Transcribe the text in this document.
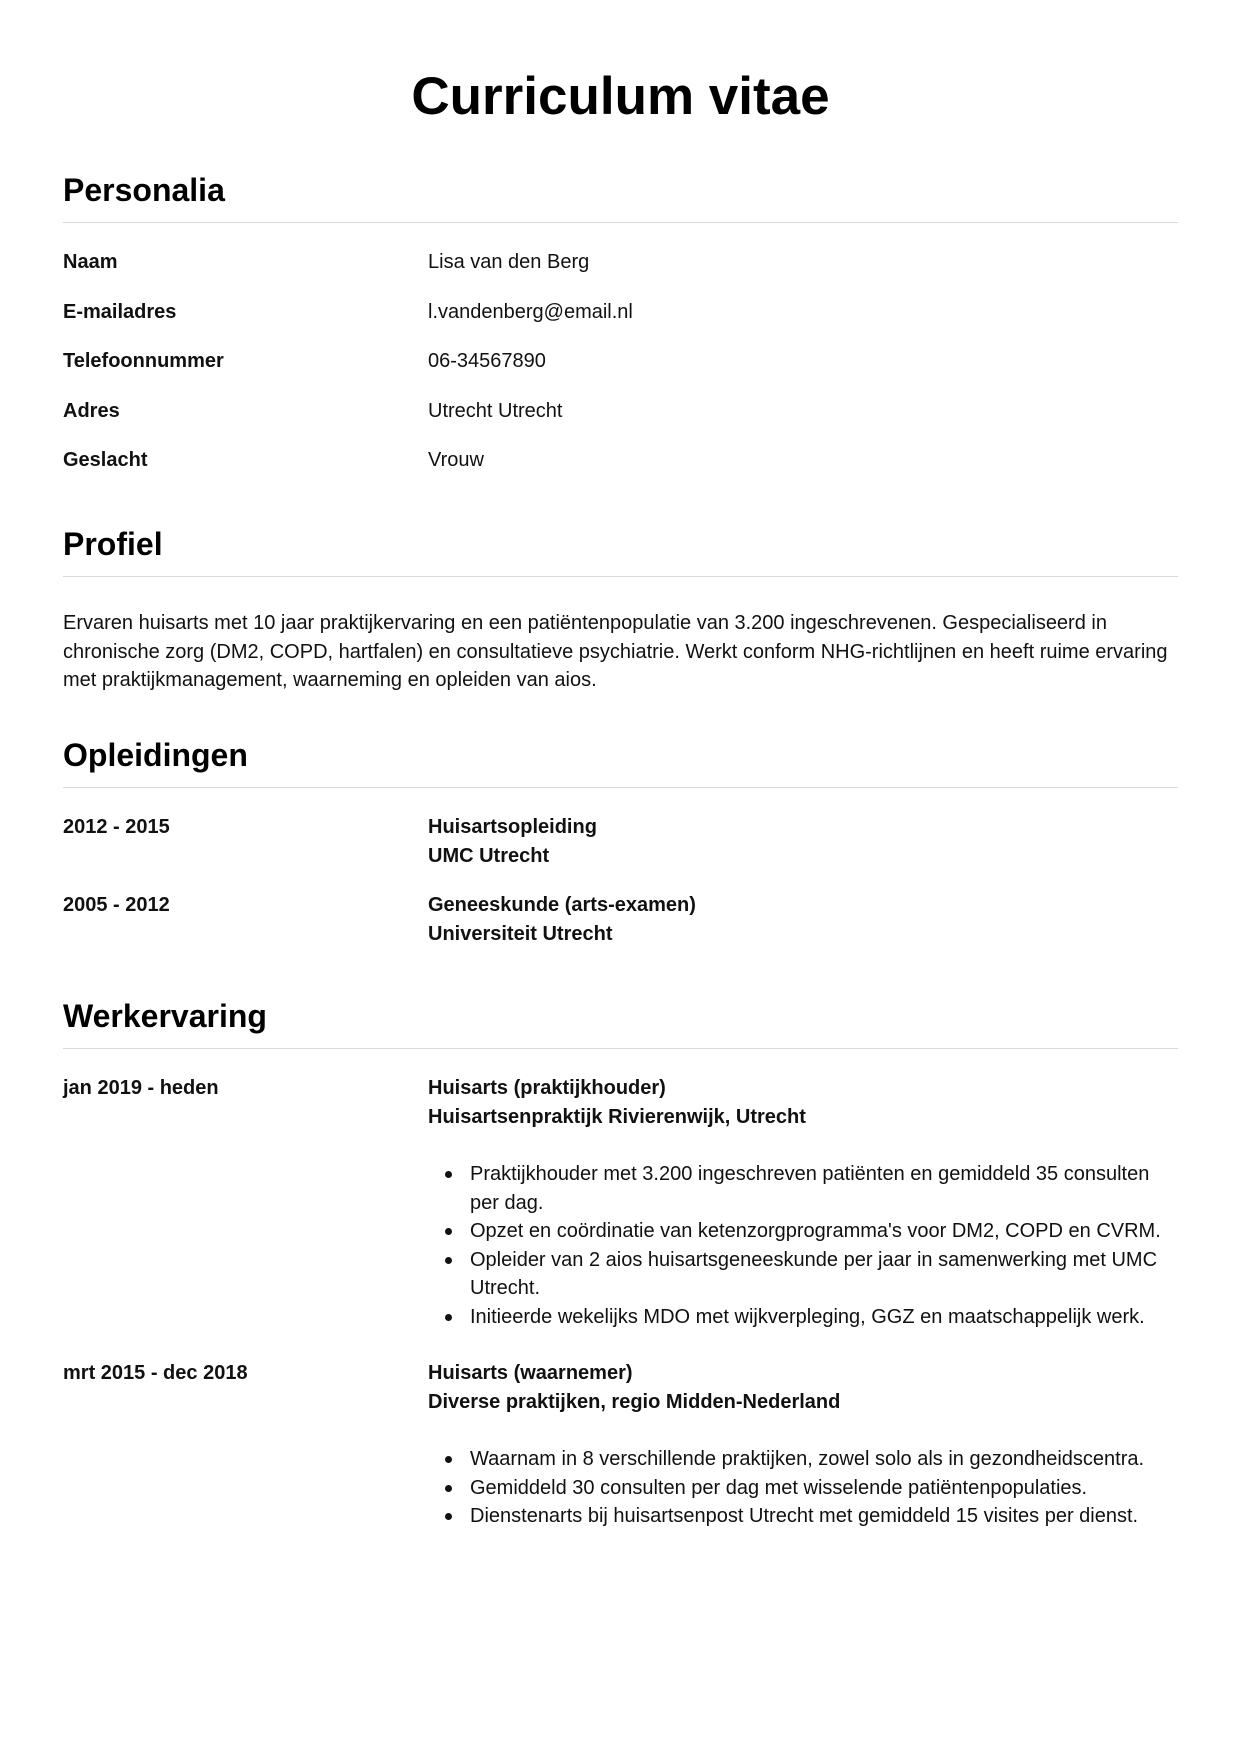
Curriculum vitae
Personalia
Naam	Lisa van den Berg
E-mailadres	l.vandenberg@email.nl
Telefoonnummer	06-34567890
Adres	Utrecht Utrecht
Geslacht	Vrouw
Profiel

Ervaren huisarts met 10 jaar praktijkervaring en een patiëntenpopulatie van 3.200 ingeschrevenen. Gespecialiseerd in chronische zorg (DM2, COPD, hartfalen) en consultatieve psychiatrie. Werkt conform NHG-richtlijnen en heeft ruime ervaring met praktijkmanagement, waarneming en opleiden van aios.

Opleidingen
2012 - 2015	Huisartsopleiding
UMC Utrecht
2005 - 2012	Geneeskunde (arts-examen)
Universiteit Utrecht
Werkervaring
jan 2019 - heden	Huisarts (praktijkhouder)
Huisartsenpraktijk Rivierenwijk, Utrecht
Praktijkhouder met 3.200 ingeschreven patiënten en gemiddeld 35 consulten per dag.
Opzet en coördinatie van ketenzorgprogramma's voor DM2, COPD en CVRM.
Opleider van 2 aios huisartsgeneeskunde per jaar in samenwerking met UMC Utrecht.
Initieerde wekelijks MDO met wijkverpleging, GGZ en maatschappelijk werk.
mrt 2015 - dec 2018	Huisarts (waarnemer)
Diverse praktijken, regio Midden-Nederland
Waarnam in 8 verschillende praktijken, zowel solo als in gezondheidscentra.
Gemiddeld 30 consulten per dag met wisselende patiëntenpopulaties.
Dienstenarts bij huisartsenpost Utrecht met gemiddeld 15 visites per dienst.
